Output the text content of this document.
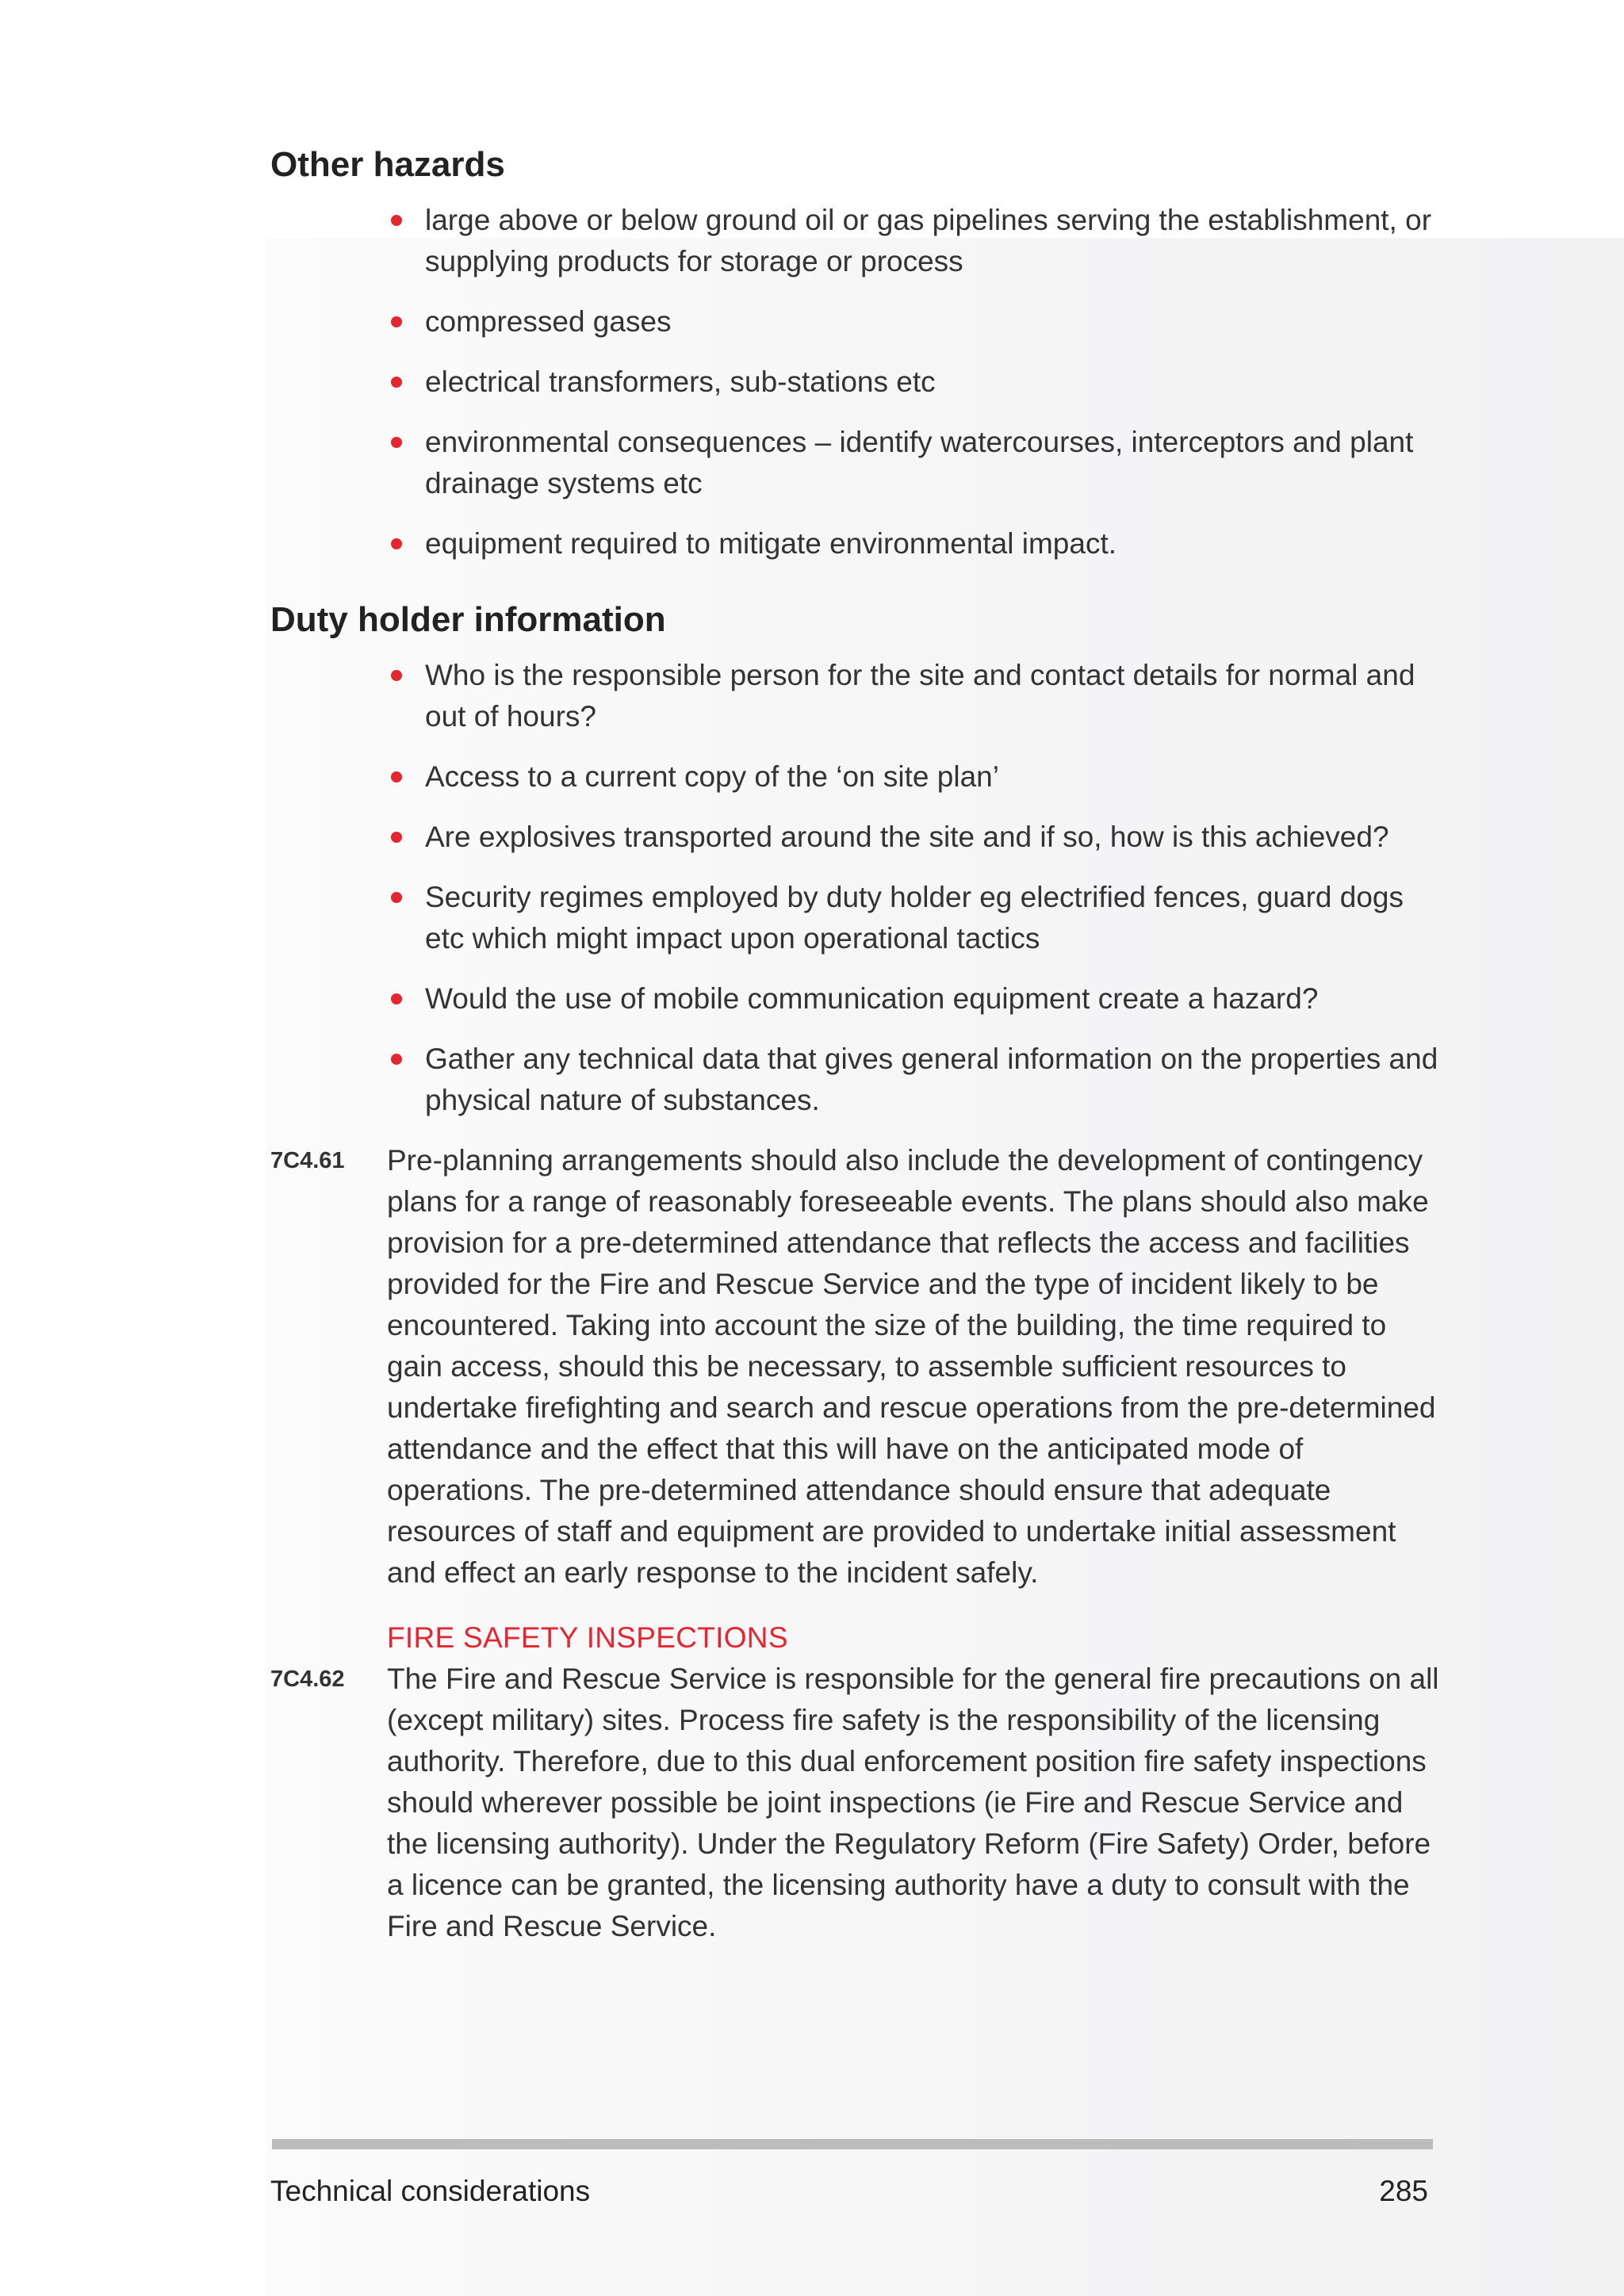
Other hazards
large above or below ground oil or gas pipelines serving the establishment, or supplying products for storage or process
compressed gases
electrical transformers, sub-stations etc
environmental consequences – identify watercourses, interceptors and plant drainage systems etc
equipment required to mitigate environmental impact.
Duty holder information
Who is the responsible person for the site and contact details for normal and out of hours?
Access to a current copy of the ‘on site plan’
Are explosives transported around the site and if so, how is this achieved?
Security regimes employed by duty holder eg electrified fences, guard dogs etc which might impact upon operational tactics
Would the use of mobile communication equipment create a hazard?
Gather any technical data that gives general information on the properties and physical nature of substances.
7C4.61 Pre-planning arrangements should also include the development of contingency plans for a range of reasonably foreseeable events. The plans should also make provision for a pre-determined attendance that reflects the access and facilities provided for the Fire and Rescue Service and the type of incident likely to be encountered. Taking into account the size of the building, the time required to gain access, should this be necessary, to assemble sufficient resources to undertake firefighting and search and rescue operations from the pre-determined attendance and the effect that this will have on the anticipated mode of operations. The pre-determined attendance should ensure that adequate resources of staff and equipment are provided to undertake initial assessment and effect an early response to the incident safely.
FIRE SAFETY INSPECTIONS
7C4.62 The Fire and Rescue Service is responsible for the general fire precautions on all (except military) sites. Process fire safety is the responsibility of the licensing authority. Therefore, due to this dual enforcement position fire safety inspections should wherever possible be joint inspections (ie Fire and Rescue Service and the licensing authority). Under the Regulatory Reform (Fire Safety) Order, before a licence can be granted, the licensing authority have a duty to consult with the Fire and Rescue Service.
Technical considerations	285
